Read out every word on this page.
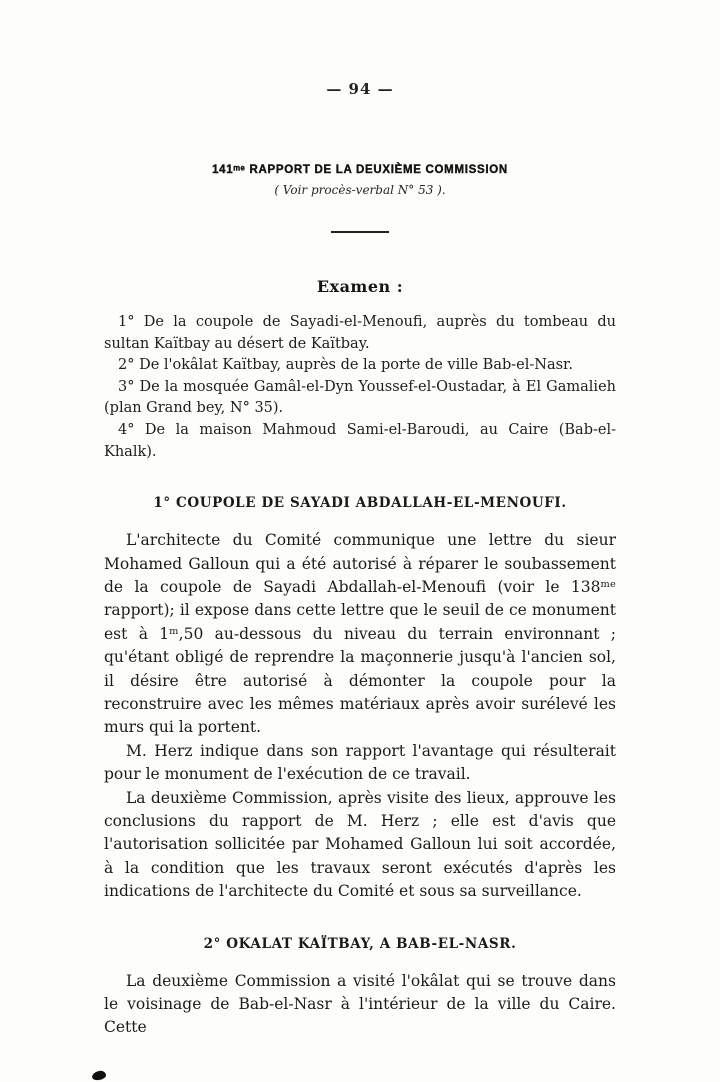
— 94 —
141ᵐᵉ RAPPORT DE LA DEUXIÈME COMMISSION
( Voir procès-verbal N° 53 ).
Examen :

1° De la coupole de Sayadi-el-Menoufi, auprès du tombeau du sultan Kaïtbay au désert de Kaïtbay.

2° De l'okâlat Kaïtbay, auprès de la porte de ville Bab-el-Nasr.

3° De la mosquée Gamâl-el-Dyn Youssef-el-Oustadar, à El Gamalieh (plan Grand bey, N° 35).

4° De la maison Mahmoud Sami-el-Baroudi, au Caire (Bab-el-Khalk).

1° COUPOLE DE SAYADI ABDALLAH-EL-MENOUFI.

L'architecte du Comité communique une lettre du sieur Mohamed Galloun qui a été autorisé à réparer le soubassement de la coupole de Sayadi Abdallah-el-Menoufi (voir le 138ᵐᵉ rapport); il expose dans cette lettre que le seuil de ce monument est à 1ᵐ,50 au-dessous du niveau du terrain environnant ; qu'étant obligé de reprendre la maçonnerie jusqu'à l'ancien sol, il désire être autorisé à démonter la coupole pour la reconstruire avec les mêmes matériaux après avoir surélevé les murs qui la portent.

M. Herz indique dans son rapport l'avantage qui résulterait pour le monument de l'exécution de ce travail.

La deuxième Commission, après visite des lieux, approuve les conclusions du rapport de M. Herz ; elle est d'avis que l'autorisation sollicitée par Mohamed Galloun lui soit accordée, à la condition que les travaux seront exécutés d'après les indications de l'architecte du Comité et sous sa surveillance.

2° OKALAT KAÏTBAY, A BAB-EL-NASR.

La deuxième Commission a visité l'okâlat qui se trouve dans le voisinage de Bab-el-Nasr à l'intérieur de la ville du Caire. Cette
